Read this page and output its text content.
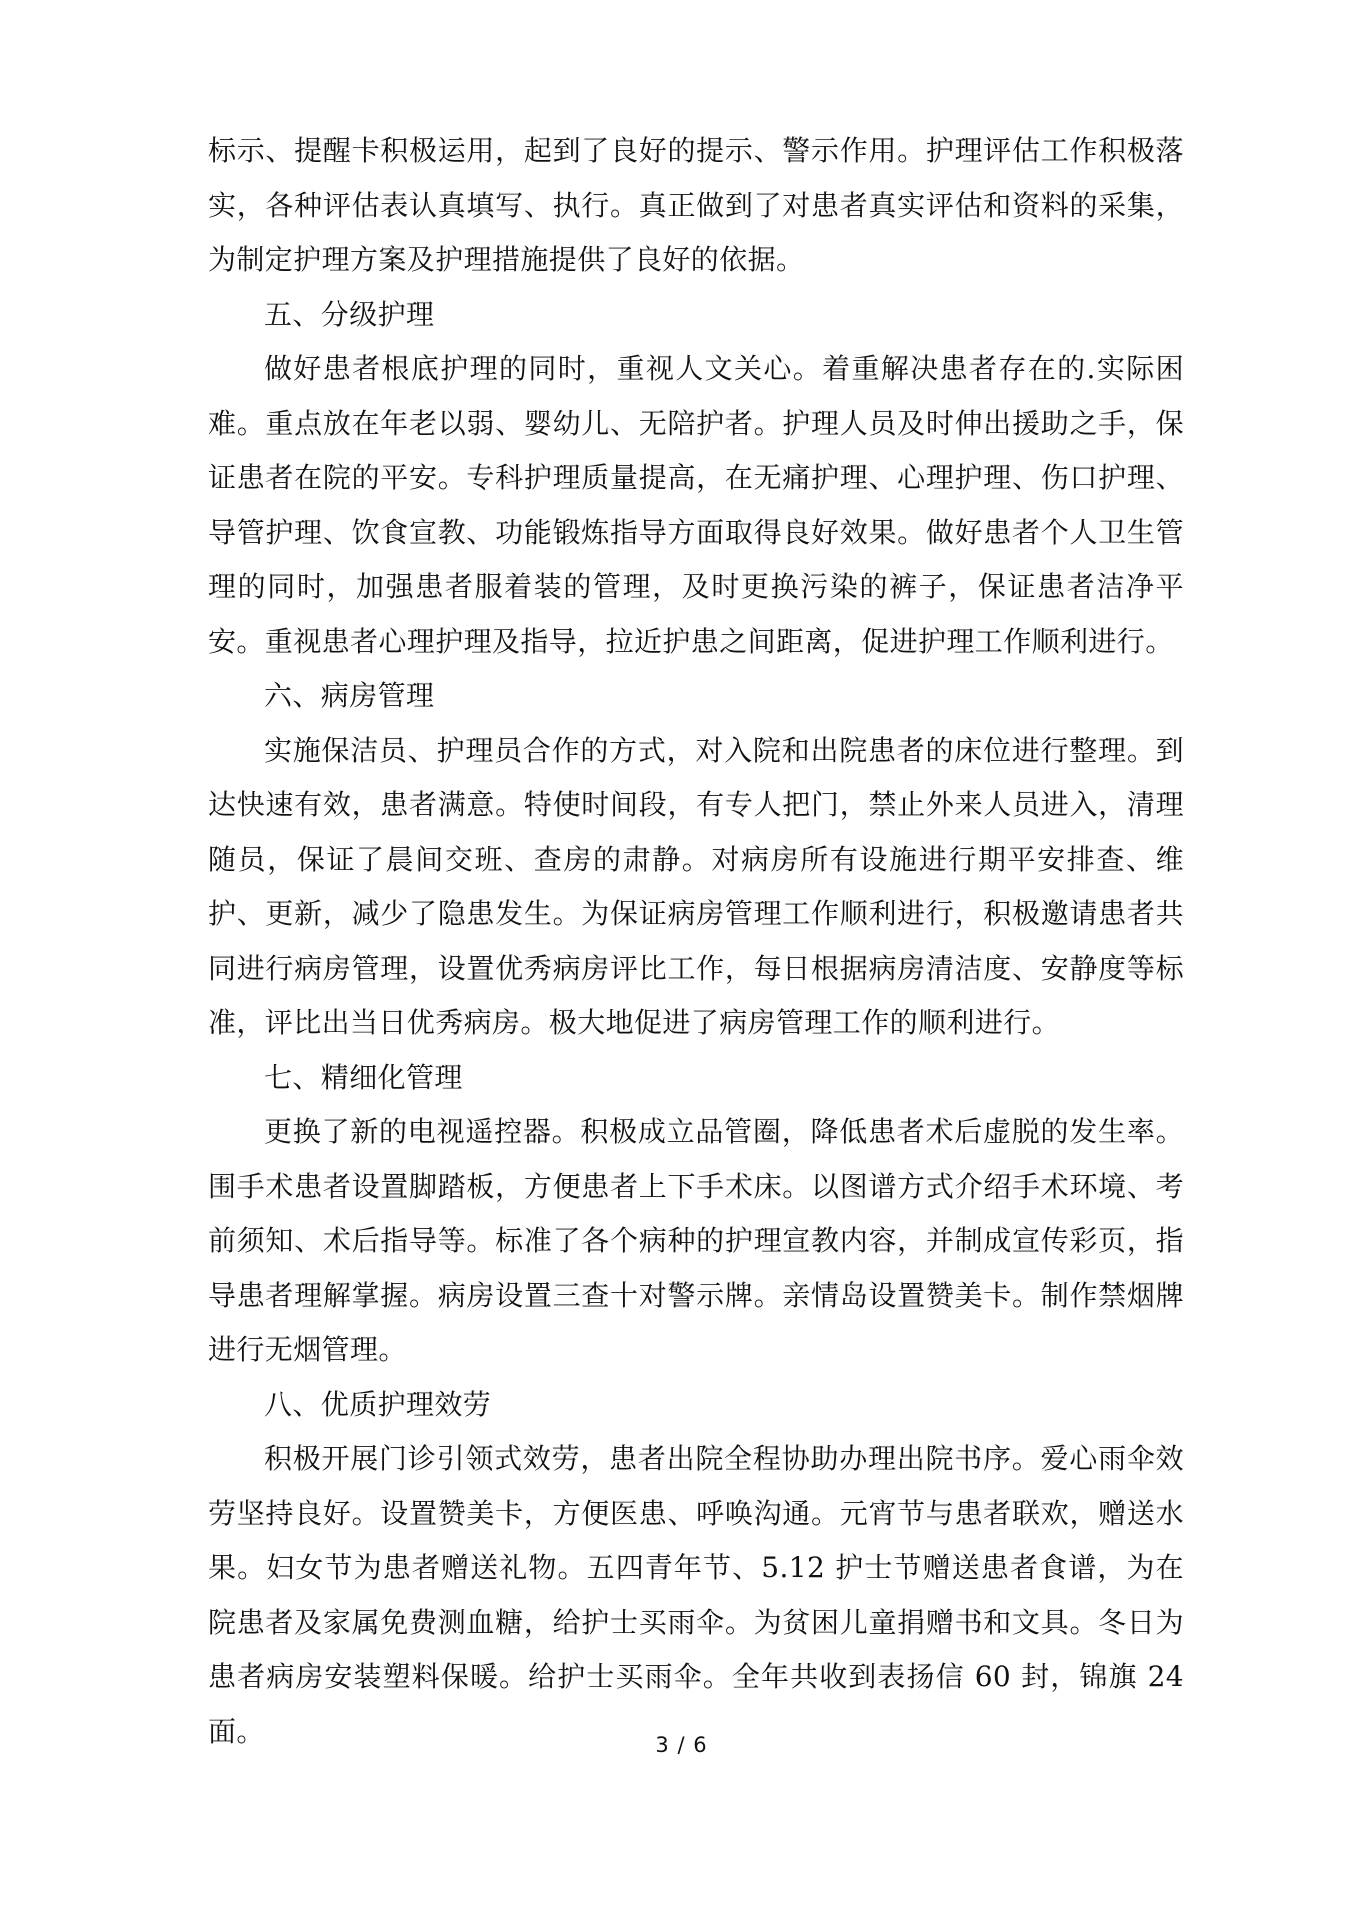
标示、提醒卡积极运用，起到了良好的提示、警示作用。护理评估工作积极落实，各种评估表认真填写、执行。真正做到了对患者真实评估和资料的采集，为制定护理方案及护理措施提供了良好的依据。

五、分级护理

做好患者根底护理的同时，重视人文关心。着重解决患者存在的.实际困难。重点放在年老以弱、婴幼儿、无陪护者。护理人员及时伸出援助之手，保证患者在院的平安。专科护理质量提高，在无痛护理、心理护理、伤口护理、导管护理、饮食宣教、功能锻炼指导方面取得良好效果。做好患者个人卫生管理的同时，加强患者服着装的管理，及时更换污染的裤子，保证患者洁净平安。重视患者心理护理及指导，拉近护患之间距离，促进护理工作顺利进行。

六、病房管理

实施保洁员、护理员合作的方式，对入院和出院患者的床位进行整理。到达快速有效，患者满意。特使时间段，有专人把门，禁止外来人员进入，清理随员，保证了晨间交班、查房的肃静。对病房所有设施进行期平安排查、维护、更新，减少了隐患发生。为保证病房管理工作顺利进行，积极邀请患者共同进行病房管理，设置优秀病房评比工作，每日根据病房清洁度、安静度等标准，评比出当日优秀病房。极大地促进了病房管理工作的顺利进行。

七、精细化管理

更换了新的电视遥控器。积极成立品管圈，降低患者术后虚脱的发生率。围手术患者设置脚踏板，方便患者上下手术床。以图谱方式介绍手术环境、考前须知、术后指导等。标准了各个病种的护理宣教内容，并制成宣传彩页，指导患者理解掌握。病房设置三查十对警示牌。亲情岛设置赞美卡。制作禁烟牌进行无烟管理。

八、优质护理效劳

积极开展门诊引领式效劳，患者出院全程协助办理出院书序。爱心雨伞效劳坚持良好。设置赞美卡，方便医患、呼唤沟通。元宵节与患者联欢，赠送水果。妇女节为患者赠送礼物。五四青年节、5.12 护士节赠送患者食谱，为在院患者及家属免费测血糖，给护士买雨伞。为贫困儿童捐赠书和文具。冬日为患者病房安装塑料保暖。给护士买雨伞。全年共收到表扬信 60 封，锦旗 24 面。	3 / 6
